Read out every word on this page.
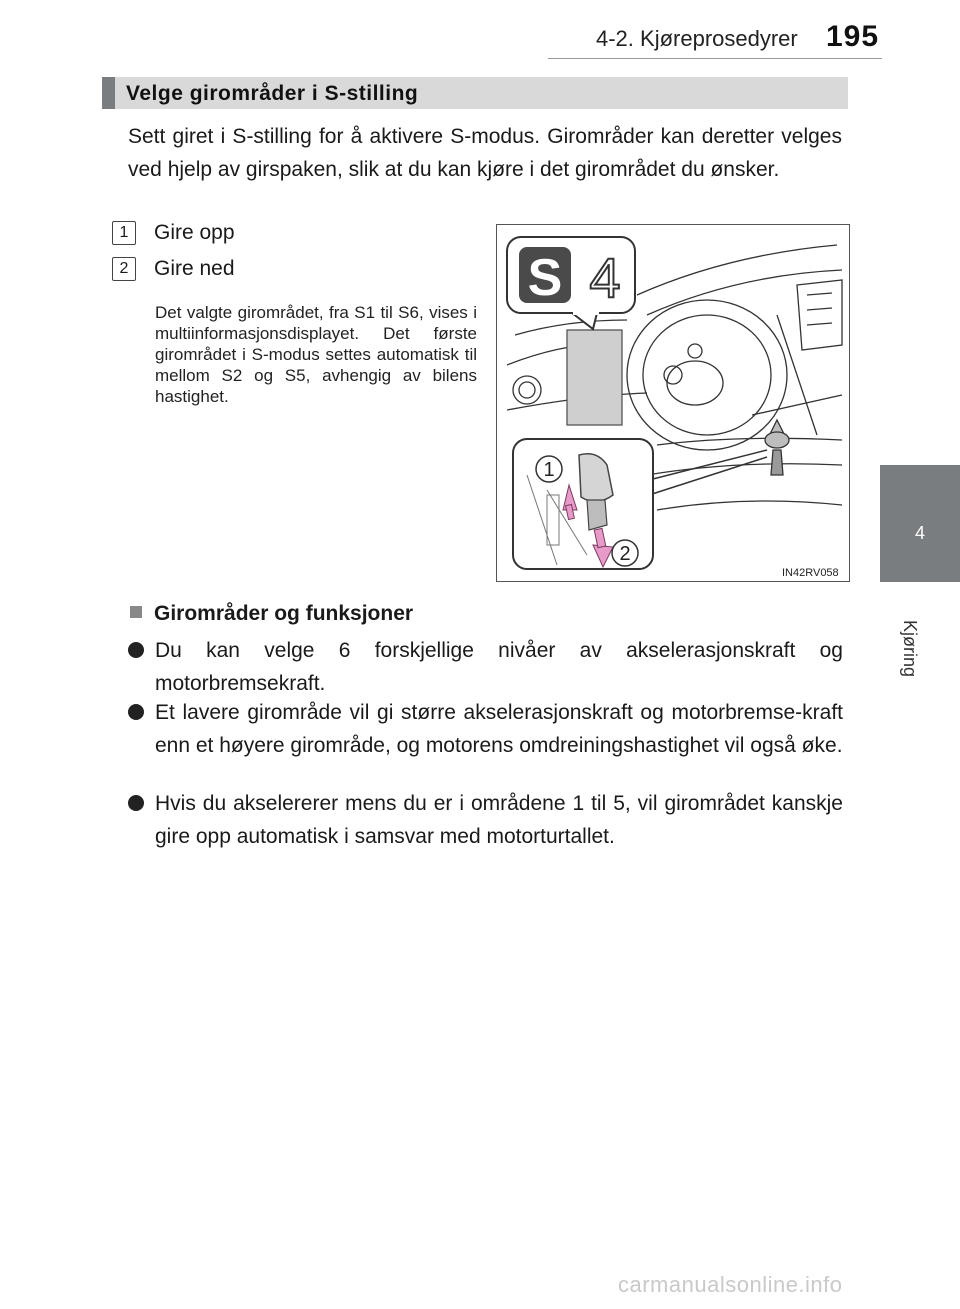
4-2. Kjøreprosedyrer 195
4
Kjøring
Velge girområder i S-stilling
Sett giret i S-stilling for å aktivere S-modus. Girområder kan deretter velges ved hjelp av girspaken, slik at du kan kjøre i det girområdet du ønsker.
1 Gire opp
2 Gire ned
Det valgte girområdet, fra S1 til S6, vises i multiinformasjonsdisplayet. Det første girområdet i S-modus settes automatisk til mellom S2 og S5, avhengig av bilens hastighet.
S 4
1
2
IN42RV058
Girområder og funksjoner
Du kan velge 6 forskjellige nivåer av akselerasjonskraft og motorbremsekraft.
Et lavere girområde vil gi større akselerasjonskraft og motorbremse-kraft enn et høyere girområde, og motorens omdreiningshastighet vil også øke.
Hvis du akselererer mens du er i områdene 1 til 5, vil girområdet kanskje gire opp automatisk i samsvar med motorturtallet.
carmanualsonline.info
